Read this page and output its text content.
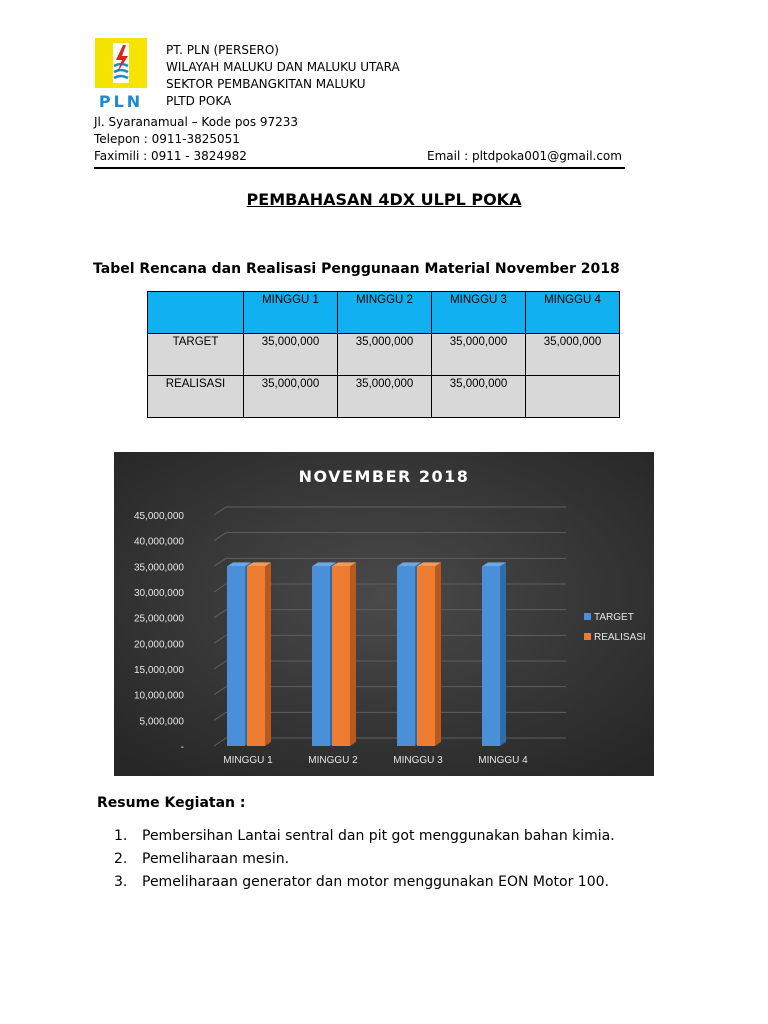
PLN
PT. PLN (PERSERO)
WILAYAH MALUKU DAN MALUKU UTARA
SEKTOR PEMBANGKITAN MALUKU
PLTD POKA
Jl. Syaranamual – Kode pos 97233
Telepon : 0911-3825051
Faximili : 0911 - 3824982	Email : pltdpoka001@gmail.com
PEMBAHASAN 4DX ULPL POKA
Tabel Rencana dan Realisasi Penggunaan Material November 2018
	MINGGU 1	MINGGU 2	MINGGU 3	MINGGU 4
TARGET	35,000,000	35,000,000	35,000,000	35,000,000
REALISASI	35,000,000	35,000,000	35,000,000	
NOVEMBER 2018
-
5,000,000
10,000,000
15,000,000
20,000,000
25,000,000
30,000,000
35,000,000
40,000,000
45,000,000
MINGGU 1	MINGGU 2	MINGGU 3	MINGGU 4
TARGET
REALISASI
Resume Kegiatan :
1.	Pembersihan Lantai sentral dan pit got menggunakan bahan kimia.
2.	Pemeliharaan mesin.
3.	Pemeliharaan generator dan motor menggunakan EON Motor 100.
